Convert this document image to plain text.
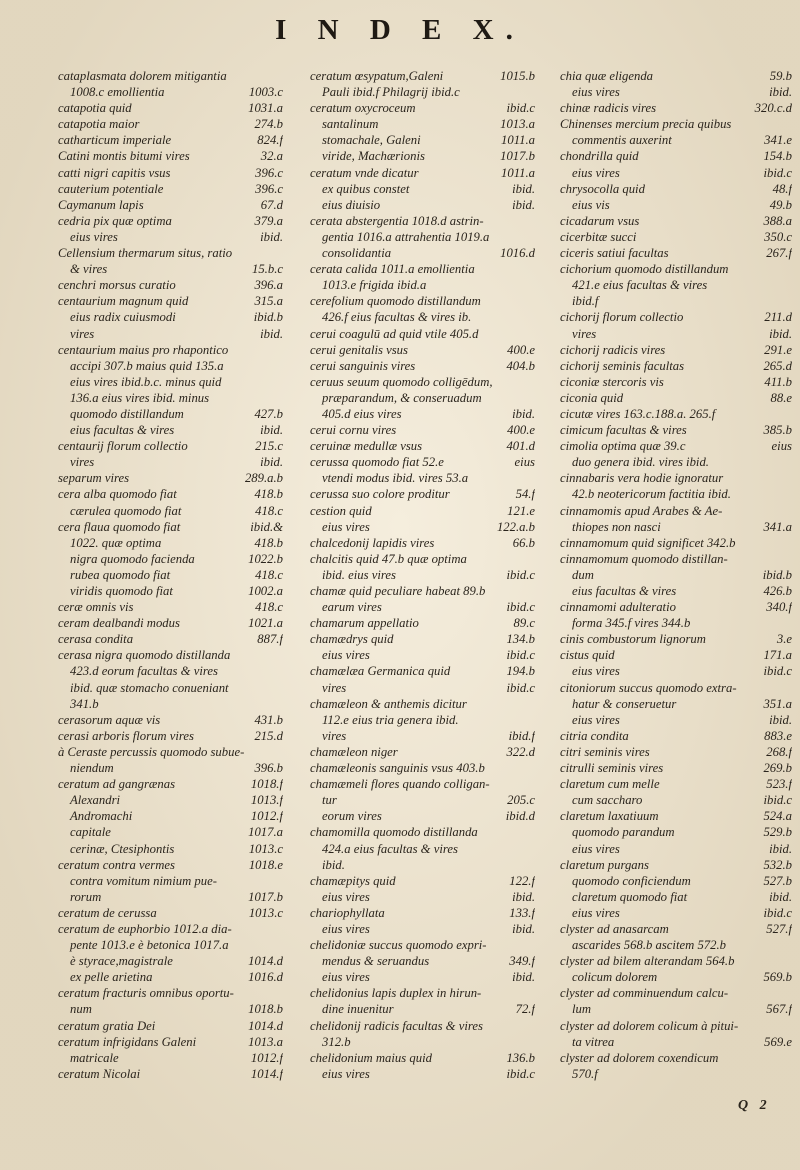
I N D E X.
cataplasmata dolorem mitigantia
1008.c emollientia	1003.c
catapotia quid	1031.a
catapotia maior	274.b
catharticum imperiale	824.f
Catini montis bitumi vires	32.a
catti nigri capitis vsus	396.c
cauterium potentiale	396.c
Caymanum lapis	67.d
cedria pix quæ optima	379.a
eius vires	ibid.
Cellensium thermarum situs, ratio
& vires	15.b.c
cenchri morsus curatio	396.a
centaurium magnum quid	315.a
eius radix cuiusmodi	ibid.b
vires	ibid.
centaurium maius pro rhapontico
accipi 307.b maius quid 135.a
eius vires ibid.b.c. minus quid
136.a eius vires ibid. minus
quomodo distillandum	427.b
eius facultas & vires	ibid.
centaurij florum collectio	215.c
vires	ibid.
separum vires	289.a.b
cera alba quomodo fiat	418.b
cærulea quomodo fiat	418.c
cera flaua quomodo fiat	ibid.&
1022. quæ optima	418.b
nigra quomodo facienda	1022.b
rubea quomodo fiat	418.c
viridis quomodo fiat	1002.a
ceræ omnis vis	418.c
ceram dealbandi modus	1021.a
cerasa condita	887.f
cerasa nigra quomodo distillanda
423.d eorum facultas & vires
ibid. quæ stomacho conueniant
341.b
cerasorum aquæ vis	431.b
cerasi arboris florum vires	215.d
à Ceraste percussis quomodo subue-
niendum	396.b
ceratum ad gangrænas	1018.f
Alexandri	1013.f
Andromachi	1012.f
capitale	1017.a
cerinæ, Ctesiphontis	1013.c
ceratum contra vermes	1018.e
contra vomitum nimium pue-
rorum	1017.b
ceratum de cerussa	1013.c
ceratum de euphorbio 1012.a dia-
pente 1013.e è betonica 1017.a
è styrace,magistrale	1014.d
ex pelle arietina	1016.d
ceratum fracturis omnibus oportu-
num	1018.b
ceratum gratia Dei	1014.d
ceratum infrigidans Galeni	1013.a
matricale	1012.f
ceratum Nicolai	1014.f
ceratum œsypatum,Galeni	1015.b
Pauli ibid.f Philagrij ibid.c
ceratum oxycroceum	ibid.c
santalinum	1013.a
stomachale, Galeni	1011.a
viride, Machærionis	1017.b
ceratum vnde dicatur	1011.a
ex quibus constet	ibid.
eius diuisio	ibid.
cerata abstergentia 1018.d astrin-
gentia 1016.a attrahentia 1019.a
consolidantia	1016.d
cerata calida 1011.a emollientia
1013.e frigida ibid.a
cerefolium quomodo distillandum
426.f eius facultas & vires ib.
cerui coagulū ad quid vtile 405.d
cerui genitalis vsus	400.e
cerui sanguinis vires	404.b
ceruus seuum quomodo colligēdum,
præparandum, & conseruadum
405.d eius vires	ibid.
cerui cornu vires	400.e
ceruinæ medullæ vsus	401.d
cerussa quomodo fiat 52.e	eius
vtendi modus ibid. vires 53.a
cerussa suo colore proditur	54.f
cestion quid	121.e
eius vires	122.a.b
chalcedonij lapidis vires	66.b
chalcitis quid 47.b quæ optima
ibid. eius vires	ibid.c
chamæ quid peculiare habeat 89.b
earum vires	ibid.c
chamarum appellatio	89.c
chamædrys quid	134.b
eius vires	ibid.c
chamælæa Germanica quid	194.b
vires	ibid.c
chamæleon & anthemis dicitur
112.e eius tria genera ibid.
vires	ibid.f
chamæleon niger	322.d
chamæleonis sanguinis vsus 403.b
chamæmeli flores quando colligan-
tur	205.c
eorum vires	ibid.d
chamomilla quomodo distillanda
424.a eius facultas & vires
ibid.
chamæpitys quid	122.f
eius vires	ibid.
chariophyllata	133.f
eius vires	ibid.
chelidoniæ succus quomodo expri-
mendus & seruandus	349.f
eius vires	ibid.
chelidonius lapis duplex in hirun-
dine inuenitur	72.f
chelidonij radicis facultas & vires
312.b
chelidonium maius quid	136.b
eius vires	ibid.c
chia quæ eligenda	59.b
eius vires	ibid.
chinæ radicis vires	320.c.d
Chinenses mercium precia quibus
commentis auxerint	341.e
chondrilla quid	154.b
eius vires	ibid.c
chrysocolla quid	48.f
eius vis	49.b
cicadarum vsus	388.a
cicerbitæ succi	350.c
ciceris satiui facultas	267.f
cichorium quomodo distillandum
421.e eius facultas & vires
ibid.f
cichorij florum collectio	211.d
vires	ibid.
cichorij radicis vires	291.e
cichorij seminis facultas	265.d
ciconiæ stercoris vis	411.b
ciconia quid	88.e
cicutæ vires 163.c.188.a. 265.f
cimicum facultas & vires	385.b
cimolia optima quæ 39.c	eius
duo genera ibid. vires ibid.
cinnabaris vera hodie ignoratur
42.b neotericorum factitia ibid.
cinnamomis apud Arabes & Ae-
thiopes non nasci	341.a
cinnamomum quid significet 342.b
cinnamomum quomodo distillan-
dum	ibid.b
eius facultas & vires	426.b
cinnamomi adulteratio	340.f
forma 345.f vires 344.b
cinis combustorum lignorum	3.e
cistus quid	171.a
eius vires	ibid.c
citoniorum succus quomodo extra-
hatur & conseruetur	351.a
eius vires	ibid.
citria condita	883.e
citri seminis vires	268.f
citrulli seminis vires	269.b
claretum cum melle	523.f
cum saccharo	ibid.c
claretum laxatiuum	524.a
quomodo parandum	529.b
eius vires	ibid.
claretum purgans	532.b
quomodo conficiendum	527.b
claretum quomodo fiat	ibid.
eius vires	ibid.c
clyster ad anasarcam	527.f
ascarides 568.b ascitem 572.b
clyster ad bilem alterandam 564.b
colicum dolorem	569.b
clyster ad comminuendum calcu-
lum	567.f
clyster ad dolorem colicum à pitui-
ta vitrea	569.e
clyster ad dolorem coxendicum
570.f
Q 2
